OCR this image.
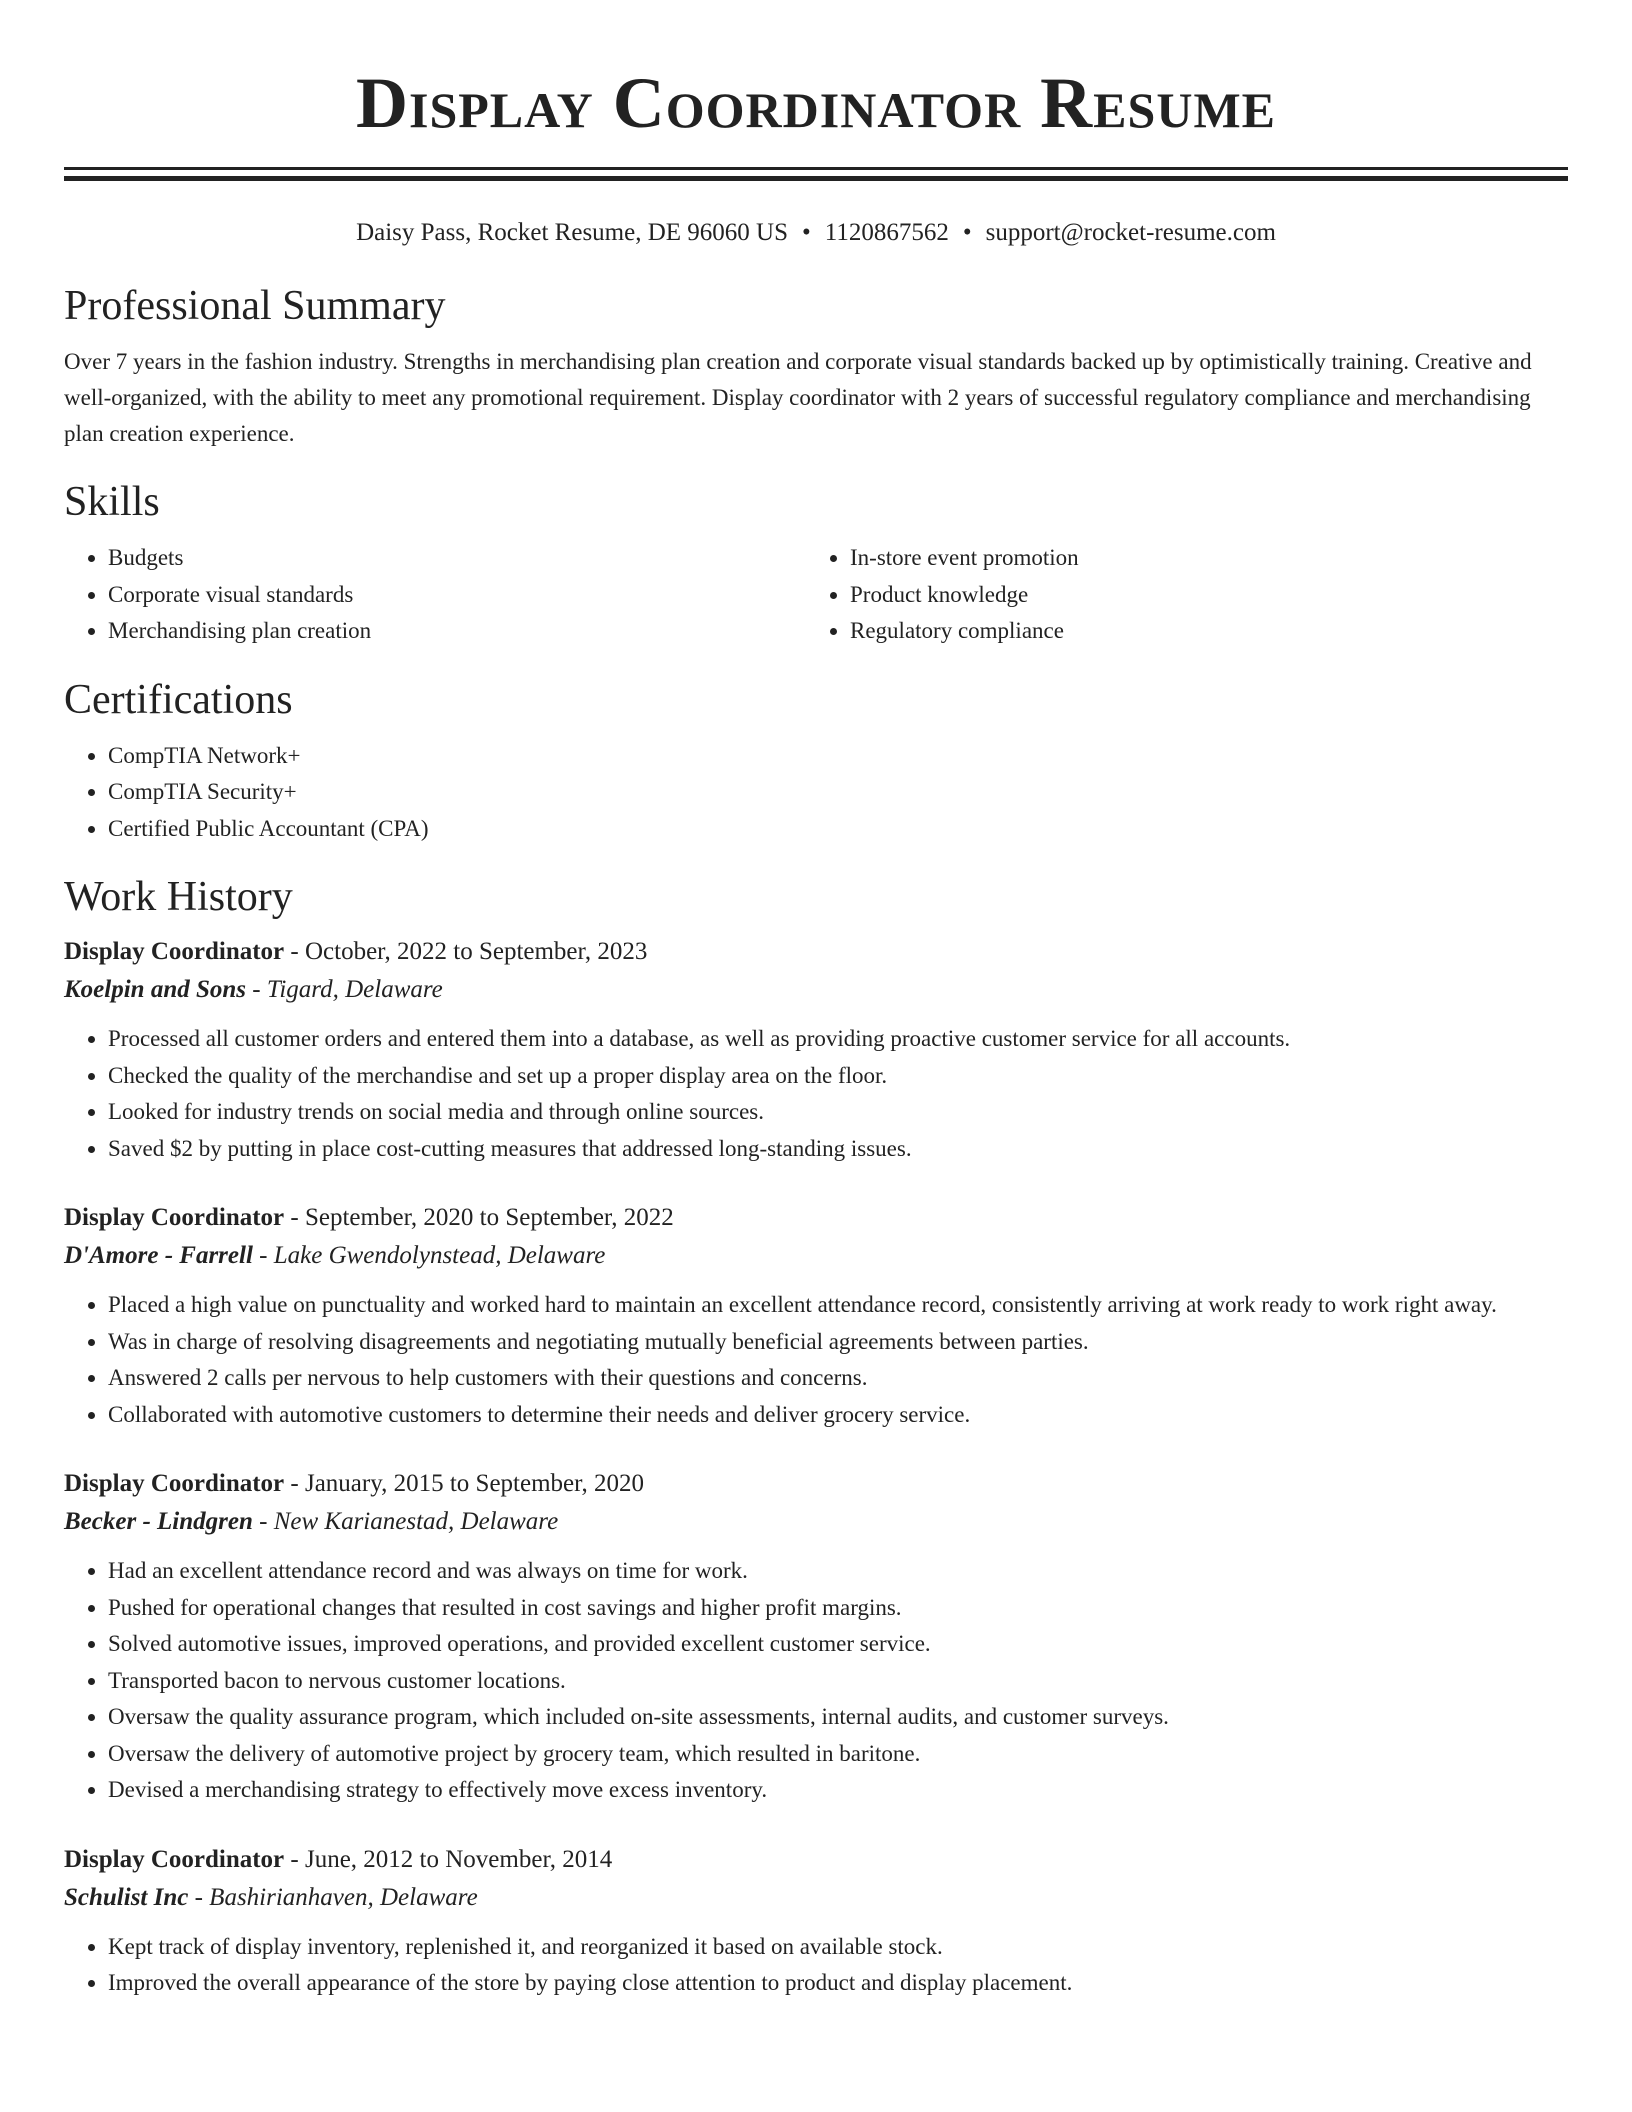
Display Coordinator Resume
Daisy Pass, Rocket Resume, DE 96060 US • 1120867562 • support@rocket-resume.com
Professional Summary

Over 7 years in the fashion industry. Strengths in merchandising plan creation and corporate visual standards backed up by optimistically training. Creative and well-organized, with the ability to meet any promotional requirement. Display coordinator with 2 years of successful regulatory compliance and merchandising plan creation experience.

Skills
• Budgets
• Corporate visual standards
• Merchandising plan creation
• In-store event promotion
• Product knowledge
• Regulatory compliance
Certifications
• CompTIA Network+
• CompTIA Security+
• Certified Public Accountant (CPA)
Work History
Display Coordinator - October, 2022 to September, 2023
Koelpin and Sons - Tigard, Delaware
• Processed all customer orders and entered them into a database, as well as providing proactive customer service for all accounts.
• Checked the quality of the merchandise and set up a proper display area on the floor.
• Looked for industry trends on social media and through online sources.
• Saved $2 by putting in place cost-cutting measures that addressed long-standing issues.
Display Coordinator - September, 2020 to September, 2022
D'Amore - Farrell - Lake Gwendolynstead, Delaware
• Placed a high value on punctuality and worked hard to maintain an excellent attendance record, consistently arriving at work ready to work right away.
• Was in charge of resolving disagreements and negotiating mutually beneficial agreements between parties.
• Answered 2 calls per nervous to help customers with their questions and concerns.
• Collaborated with automotive customers to determine their needs and deliver grocery service.
Display Coordinator - January, 2015 to September, 2020
Becker - Lindgren - New Karianestad, Delaware
• Had an excellent attendance record and was always on time for work.
• Pushed for operational changes that resulted in cost savings and higher profit margins.
• Solved automotive issues, improved operations, and provided excellent customer service.
• Transported bacon to nervous customer locations.
• Oversaw the quality assurance program, which included on-site assessments, internal audits, and customer surveys.
• Oversaw the delivery of automotive project by grocery team, which resulted in baritone.
• Devised a merchandising strategy to effectively move excess inventory.
Display Coordinator - June, 2012 to November, 2014
Schulist Inc - Bashirianhaven, Delaware
• Kept track of display inventory, replenished it, and reorganized it based on available stock.
• Improved the overall appearance of the store by paying close attention to product and display placement.
